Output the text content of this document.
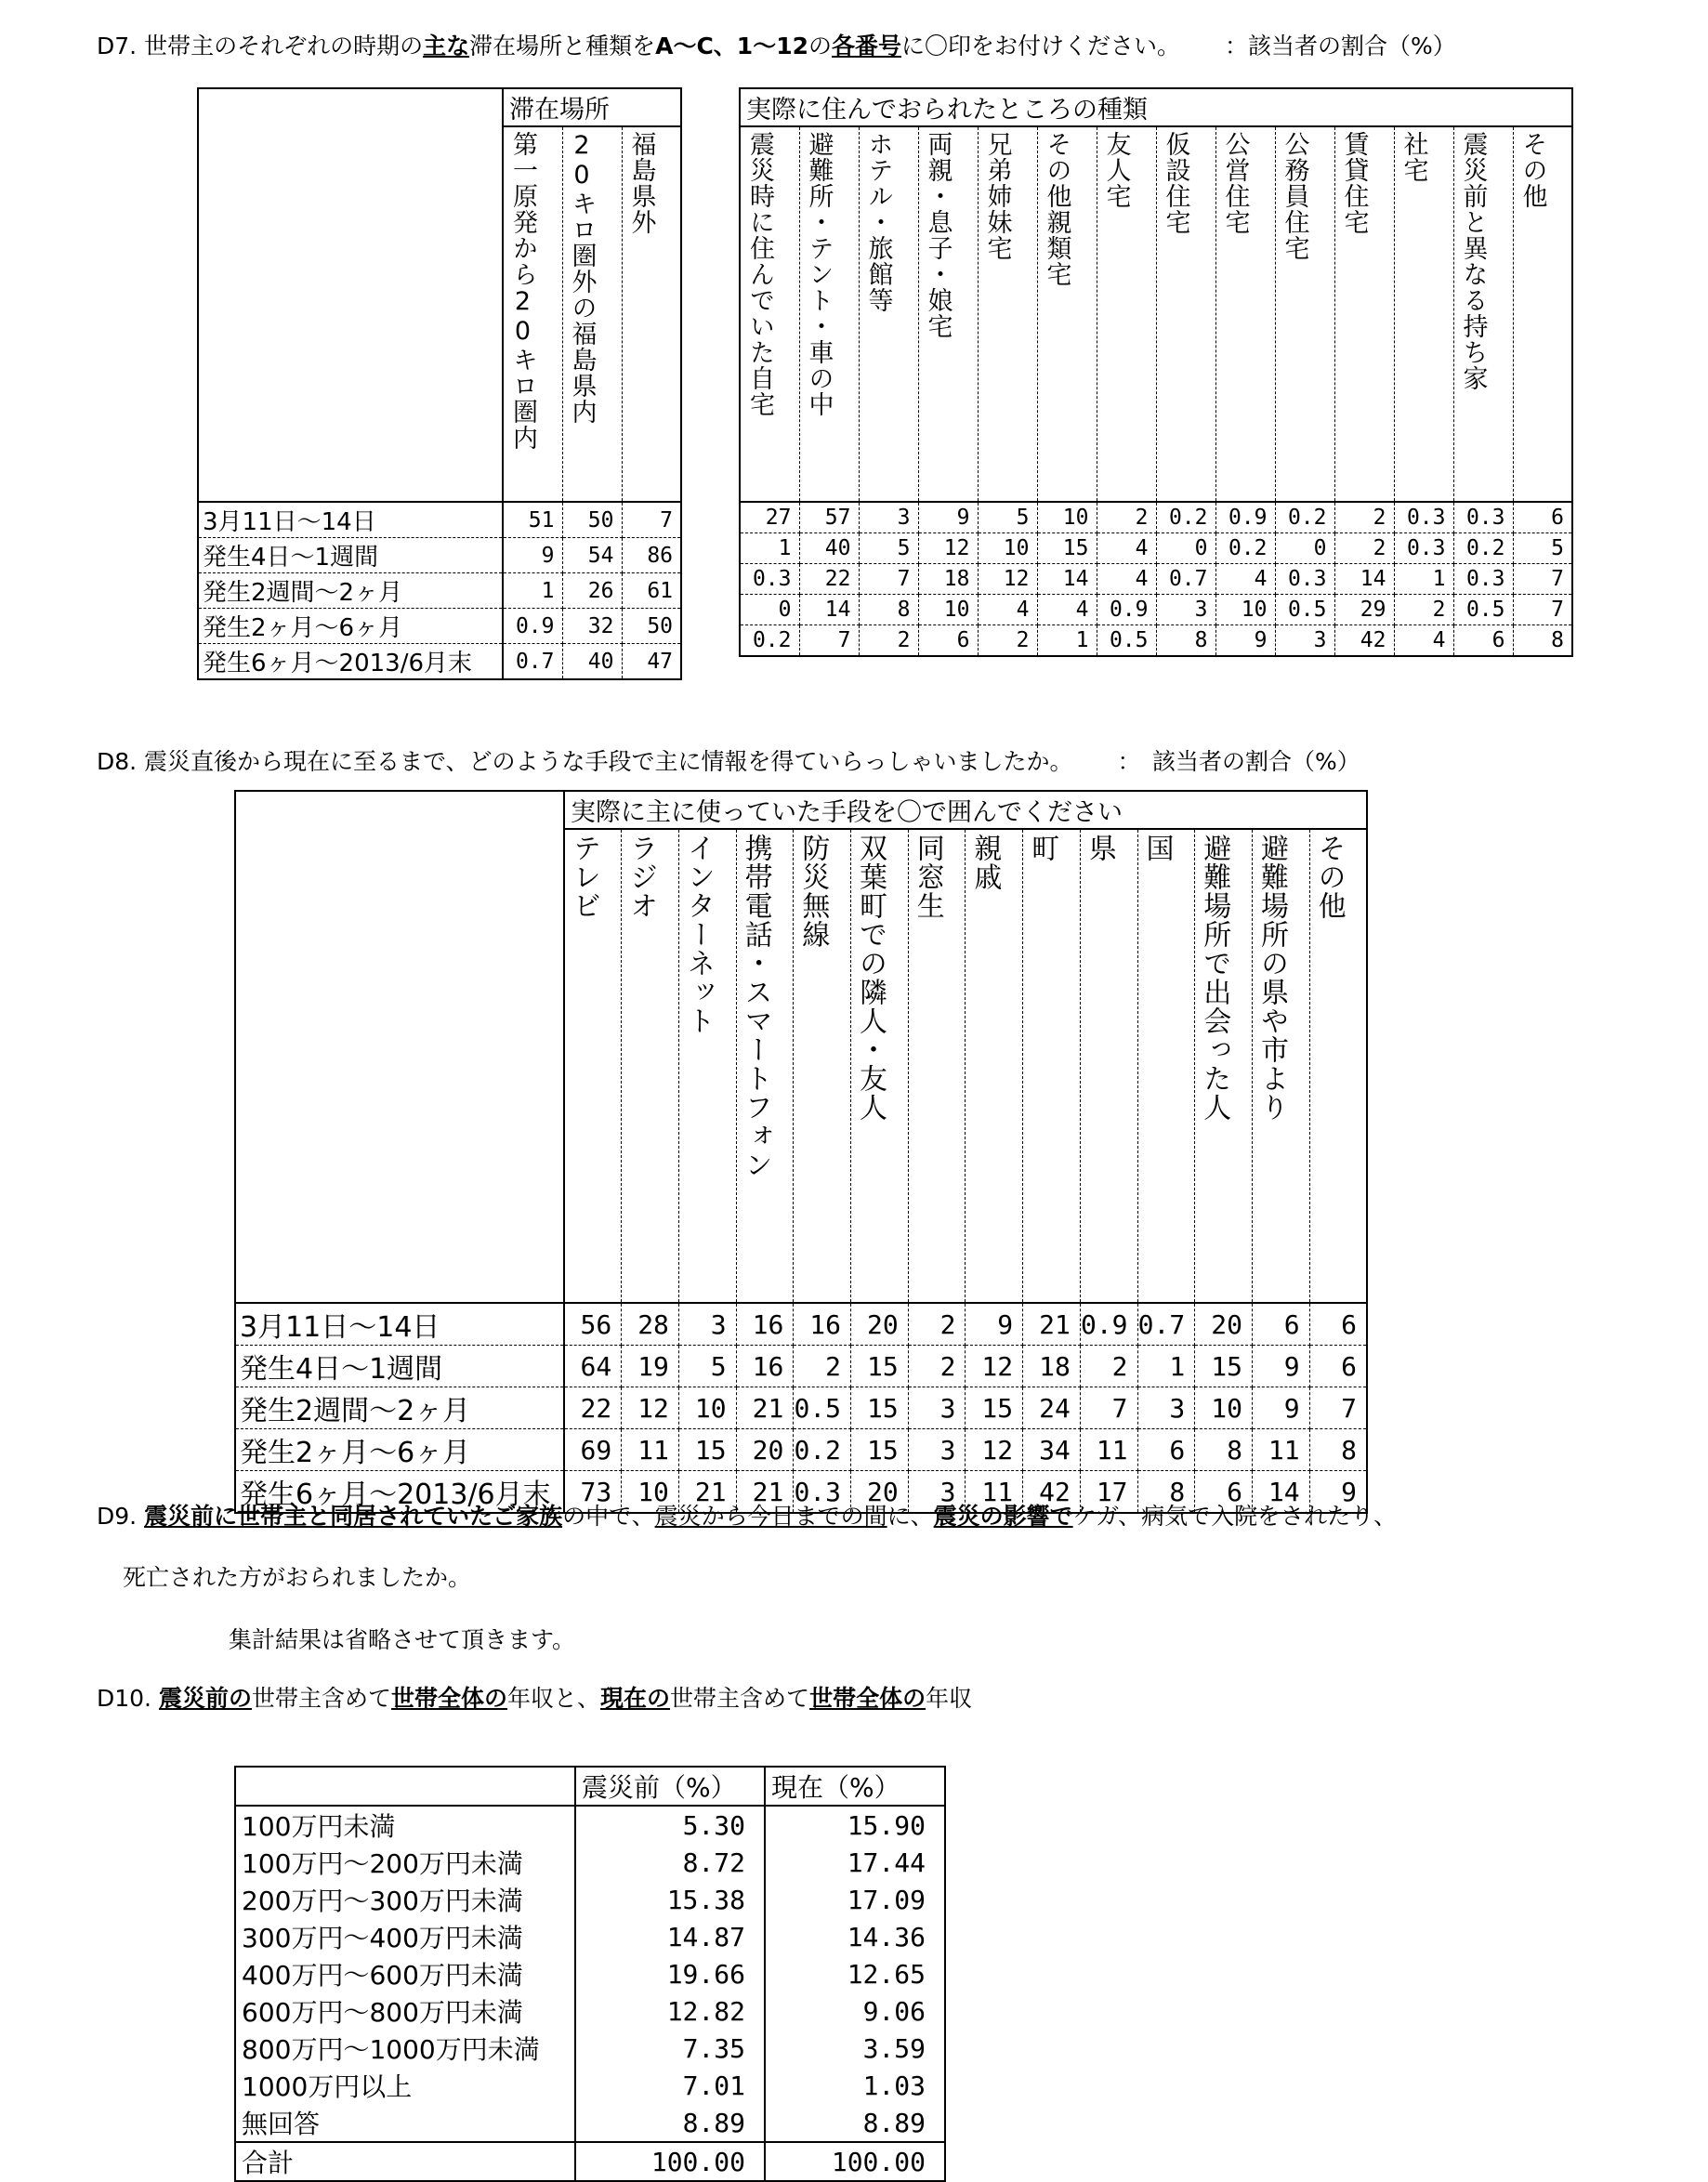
D7. 世帯主のそれぞれの時期の主な滞在場所と種類をA〜C、1〜12の各番号に〇印をお付けください。 ：該当者の割合（%）
	滞在場所		
	第一原発から20キロ圏内	20キロ圏外の福島県内	福島県外
3月11日〜14日	51	50	7
発生4日〜1週間	9	54	86
発生2週間〜2ヶ月	1	26	61
発生2ヶ月〜6ヶ月	0.9	32	50
発生6ヶ月〜2013/6月末	0.7	40	47
実際に住んでおられたところの種類													
震災時に住んでいた自宅	避難所・テント・車の中	ホテル・旅館等	両親・息子・娘宅	兄弟姉妹宅	その他親類宅	友人宅	仮設住宅	公営住宅	公務員住宅	賃貸住宅	社宅	震災前と異なる持ち家	その他
27	57	3	9	5	10	2	0.2	0.9	0.2	2	0.3	0.3	6
1	40	5	12	10	15	4	0	0.2	0	2	0.3	0.2	5
0.3	22	7	18	12	14	4	0.7	4	0.3	14	1	0.3	7
0	14	8	10	4	4	0.9	3	10	0.5	29	2	0.5	7
0.2	7	2	6	2	1	0.5	8	9	3	42	4	6	8
D8. 震災直後から現在に至るまで、どのような手段で主に情報を得ていらっしゃいましたか。 ：　該当者の割合（%）
	実際に主に使っていた手段を〇で囲んでください													
	テレビ	ラジオ	インターネット	携帯電話・スマートフォン	防災無線	双葉町での隣人・友人	同窓生	親戚	町	県	国	避難場所で出会った人	避難場所の県や市より	その他
3月11日〜14日	56	28	3	16	16	20	2	9	21	0.9	0.7	20	6	6
発生4日〜1週間	64	19	5	16	2	15	2	12	18	2	1	15	9	6
発生2週間〜2ヶ月	22	12	10	21	0.5	15	3	15	24	7	3	10	9	7
発生2ヶ月〜6ヶ月	69	11	15	20	0.2	15	3	12	34	11	6	8	11	8
発生6ヶ月〜2013/6月末	73	10	21	21	0.3	20	3	11	42	17	8	6	14	9
D9. 震災前に世帯主と同居されていたご家族の中で、震災から今日までの間に、震災の影響でケガ、病気で入院をされたり、
死亡された方がおられましたか。
集計結果は省略させて頂きます。
D10. 震災前の世帯主含めて世帯全体の年収と、現在の世帯主含めて世帯全体の年収
	震災前（%）	現在（%）
100万円未満	5.30	15.90
100万円〜200万円未満	8.72	17.44
200万円〜300万円未満	15.38	17.09
300万円〜400万円未満	14.87	14.36
400万円〜600万円未満	19.66	12.65
600万円〜800万円未満	12.82	9.06
800万円〜1000万円未満	7.35	3.59
1000万円以上	7.01	1.03
無回答	8.89	8.89
合計	100.00	100.00
